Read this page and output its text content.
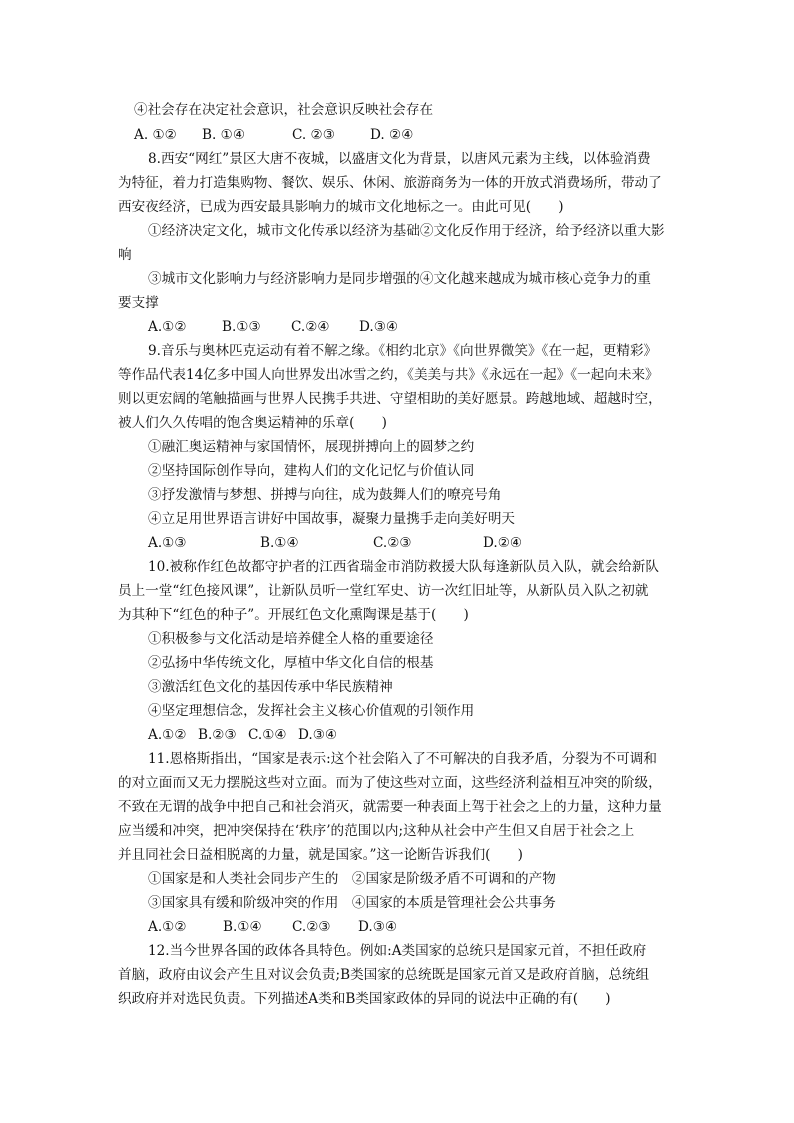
④社会存在决定社会意识，社会意识反映社会存在
A. ①② B. ①④	C. ②③	D. ②④
8.西安“网红”景区大唐不夜城，以盛唐文化为背景，以唐风元素为主线，以体验消费
为特征，着力打造集购物、餐饮、娱乐、休闲、旅游商务为一体的开放式消费场所，带动了
西安夜经济，已成为西安最具影响力的城市文化地标之一。由此可见(　　)
①经济决定文化，城市文化传承以经济为基础②文化反作用于经济，给予经济以重大影
响
③城市文化影响力与经济影响力是同步增强的④文化越来越成为城市核心竞争力的重
要支撑
A.①②	B.①③ C.②④ D.③④
9.音乐与奥林匹克运动有着不解之缘。《相约北京》《向世界微笑》《在一起，更精彩》
等作品代表14亿多中国人向世界发出冰雪之约，《美美与共》《永远在一起》《一起向未来》
则以更宏阔的笔触描画与世界人民携手共进、守望相助的美好愿景。跨越地域、超越时空，
被人们久久传唱的饱含奥运精神的乐章(　　)
①融汇奥运精神与家国情怀，展现拼搏向上的圆梦之约
②坚持国际创作导向，建构人们的文化记忆与价值认同
③抒发激情与梦想、拼搏与向往，成为鼓舞人们的嘹亮号角
④立足用世界语言讲好中国故事，凝聚力量携手走向美好明天
A.①③	B.①④	C.②③	D.②④
10.被称作红色故都守护者的江西省瑞金市消防救援大队每逢新队员入队，就会给新队
员上一堂“红色接风课”，让新队员听一堂红军史、访一次红旧址等，从新队员入队之初就
为其种下“红色的种子”。开展红色文化熏陶课是基于(　　)
①积极参与文化活动是培养健全人格的重要途径
②弘扬中华传统文化，厚植中华文化自信的根基
③激活红色文化的基因传承中华民族精神
④坚定理想信念，发挥社会主义核心价值观的引领作用
A.①② B.②③ C.①④ D.③④
11.恩格斯指出，“国家是表示:这个社会陷入了不可解决的自我矛盾，分裂为不可调和
的对立面而又无力摆脱这些对立面。而为了使这些对立面，这些经济利益相互冲突的阶级，
不致在无谓的战争中把自己和社会消灭，就需要一种表面上驾于社会之上的力量，这种力量
应当缓和冲突，把冲突保持在‘秩序’的范围以内;这种从社会中产生但又自居于社会之上
并且同社会日益相脱离的力量，就是国家。”这一论断告诉我们(　　)
①国家是和人类社会同步产生的　②国家是阶级矛盾不可调和的产物
③国家具有缓和阶级冲突的作用　④国家的本质是管理社会公共事务
A.①②	B.①④ C.②③ D.③④
12.当今世界各国的政体各具特色。例如:A类国家的总统只是国家元首，不担任政府
首脑，政府由议会产生且对议会负责;B类国家的总统既是国家元首又是政府首脑，总统组
织政府并对选民负责。下列描述A类和B类国家政体的异同的说法中正确的有(　　)
